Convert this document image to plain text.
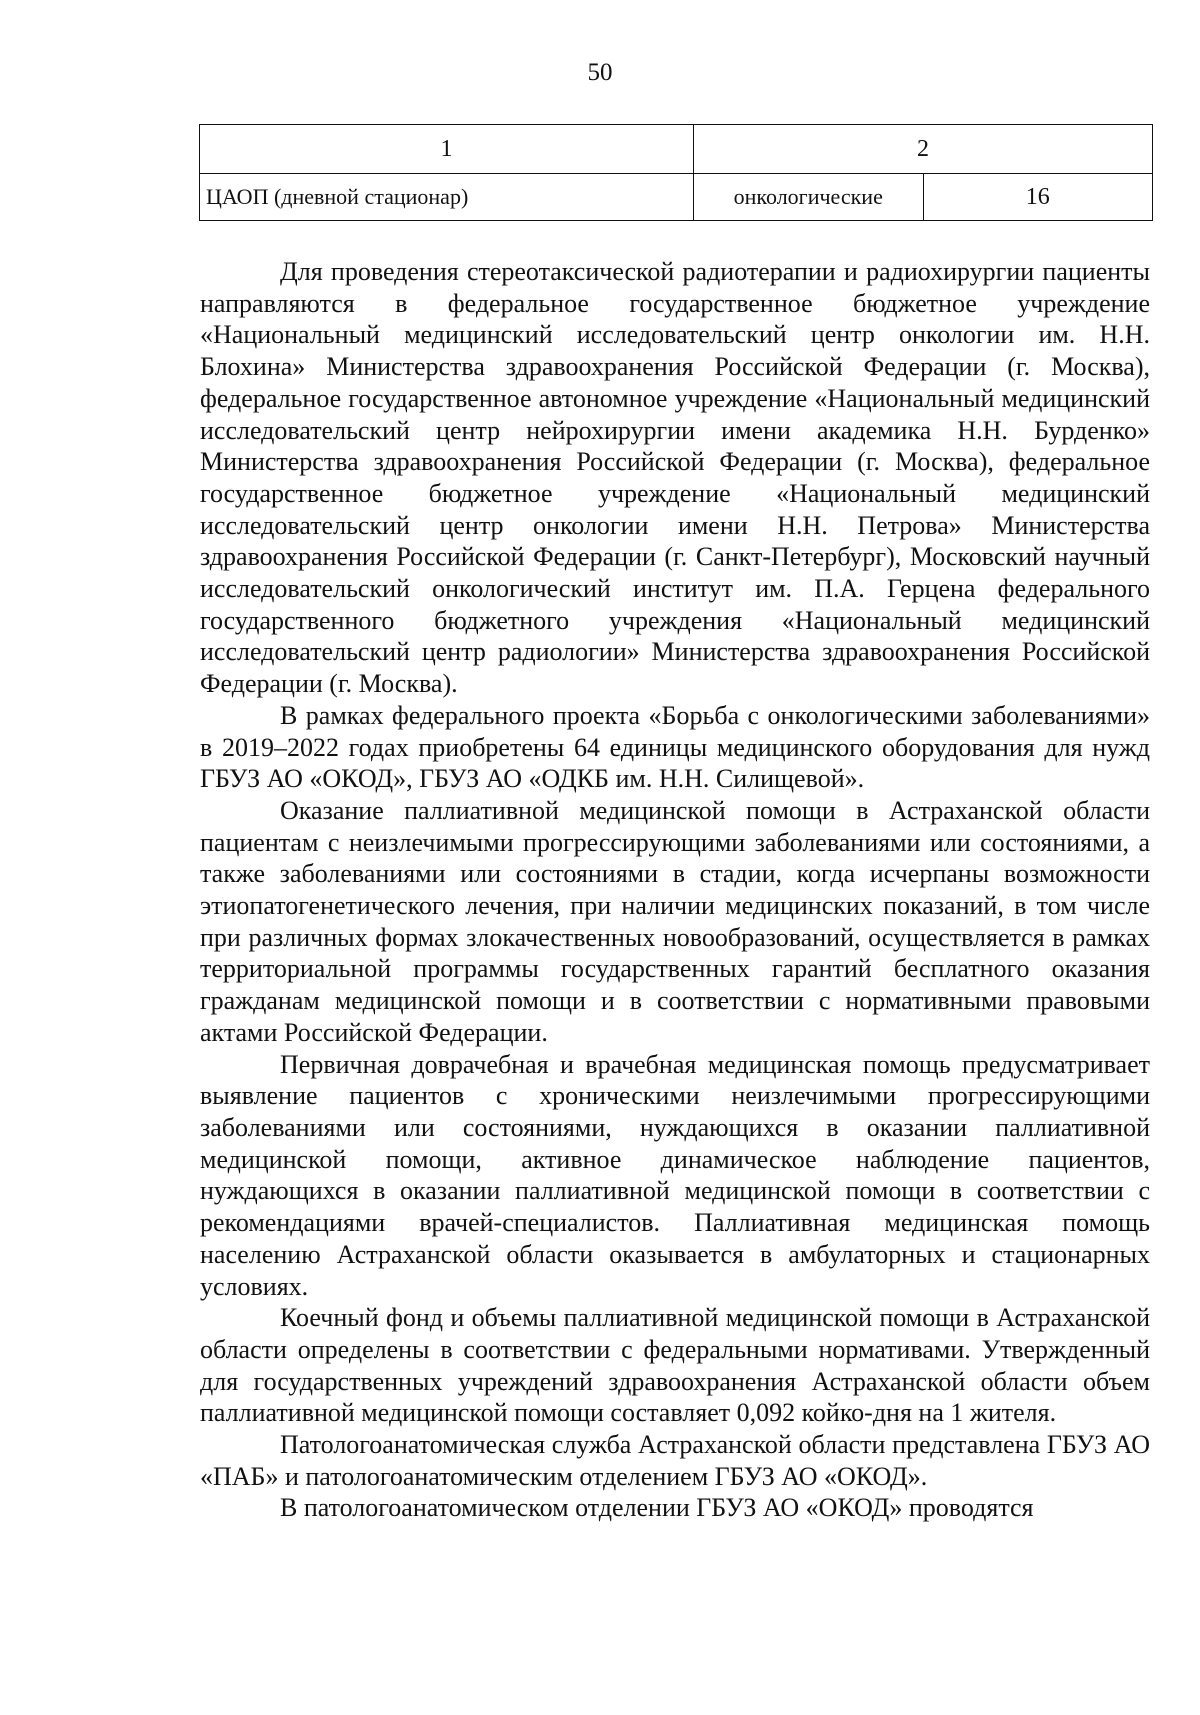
50
1	2	
ЦАОП (дневной стационар)	онкологические	16

Для проведения стереотаксической радиотерапии и радиохирургии пациенты направляются в федеральное государственное бюджетное учреждение «Национальный медицинский исследовательский центр онкологии им. Н.Н. Блохина» Министерства здравоохранения Российской Федерации (г. Москва), федеральное государственное автономное учреждение «Национальный медицинский исследовательский центр нейрохирургии имени академика Н.Н. Бурденко» Министерства здравоохранения Российской Федерации (г. Москва), федеральное государственное бюджетное учреждение «Национальный медицинский исследовательский центр онкологии имени Н.Н. Петрова» Министерства здравоохранения Российской Федерации (г. Санкт-Петербург), Московский научный исследовательский онкологический институт им. П.А. Герцена федерального государственного бюджетного учреждения «Национальный медицинский исследовательский центр радиологии» Министерства здравоохранения Российской Федерации (г. Москва).

В рамках федерального проекта «Борьба с онкологическими заболеваниями» в 2019–2022 годах приобретены 64 единицы медицинского оборудования для нужд ГБУЗ АО «ОКОД», ГБУЗ АО «ОДКБ им. Н.Н. Силищевой».

Оказание паллиативной медицинской помощи в Астраханской области пациентам с неизлечимыми прогрессирующими заболеваниями или состояниями, а также заболеваниями или состояниями в стадии, когда исчерпаны возможности этиопатогенетического лечения, при наличии медицинских показаний, в том числе при различных формах злокачественных новообразований, осуществляется в рамках территориальной программы государственных гарантий бесплатного оказания гражданам медицинской помощи и в соответствии с нормативными правовыми актами Российской Федерации.

Первичная доврачебная и врачебная медицинская помощь предусматривает выявление пациентов с хроническими неизлечимыми прогрессирующими заболеваниями или состояниями, нуждающихся в оказании паллиативной медицинской помощи, активное динамическое наблюдение пациентов, нуждающихся в оказании паллиативной медицинской помощи в соответствии с рекомендациями врачей-специалистов. Паллиативная медицинская помощь населению Астраханской области оказывается в амбулаторных и стационарных условиях.

Коечный фонд и объемы паллиативной медицинской помощи в Астраханской области определены в соответствии с федеральными нормативами. Утвержденный для государственных учреждений здравоохранения Астраханской области объем паллиативной медицинской помощи составляет 0,092 койко-дня на 1 жителя.

Патологоанатомическая служба Астраханской области представлена ГБУЗ АО «ПАБ» и патологоанатомическим отделением ГБУЗ АО «ОКОД».

В патологоанатомическом отделении ГБУЗ АО «ОКОД» проводятся
